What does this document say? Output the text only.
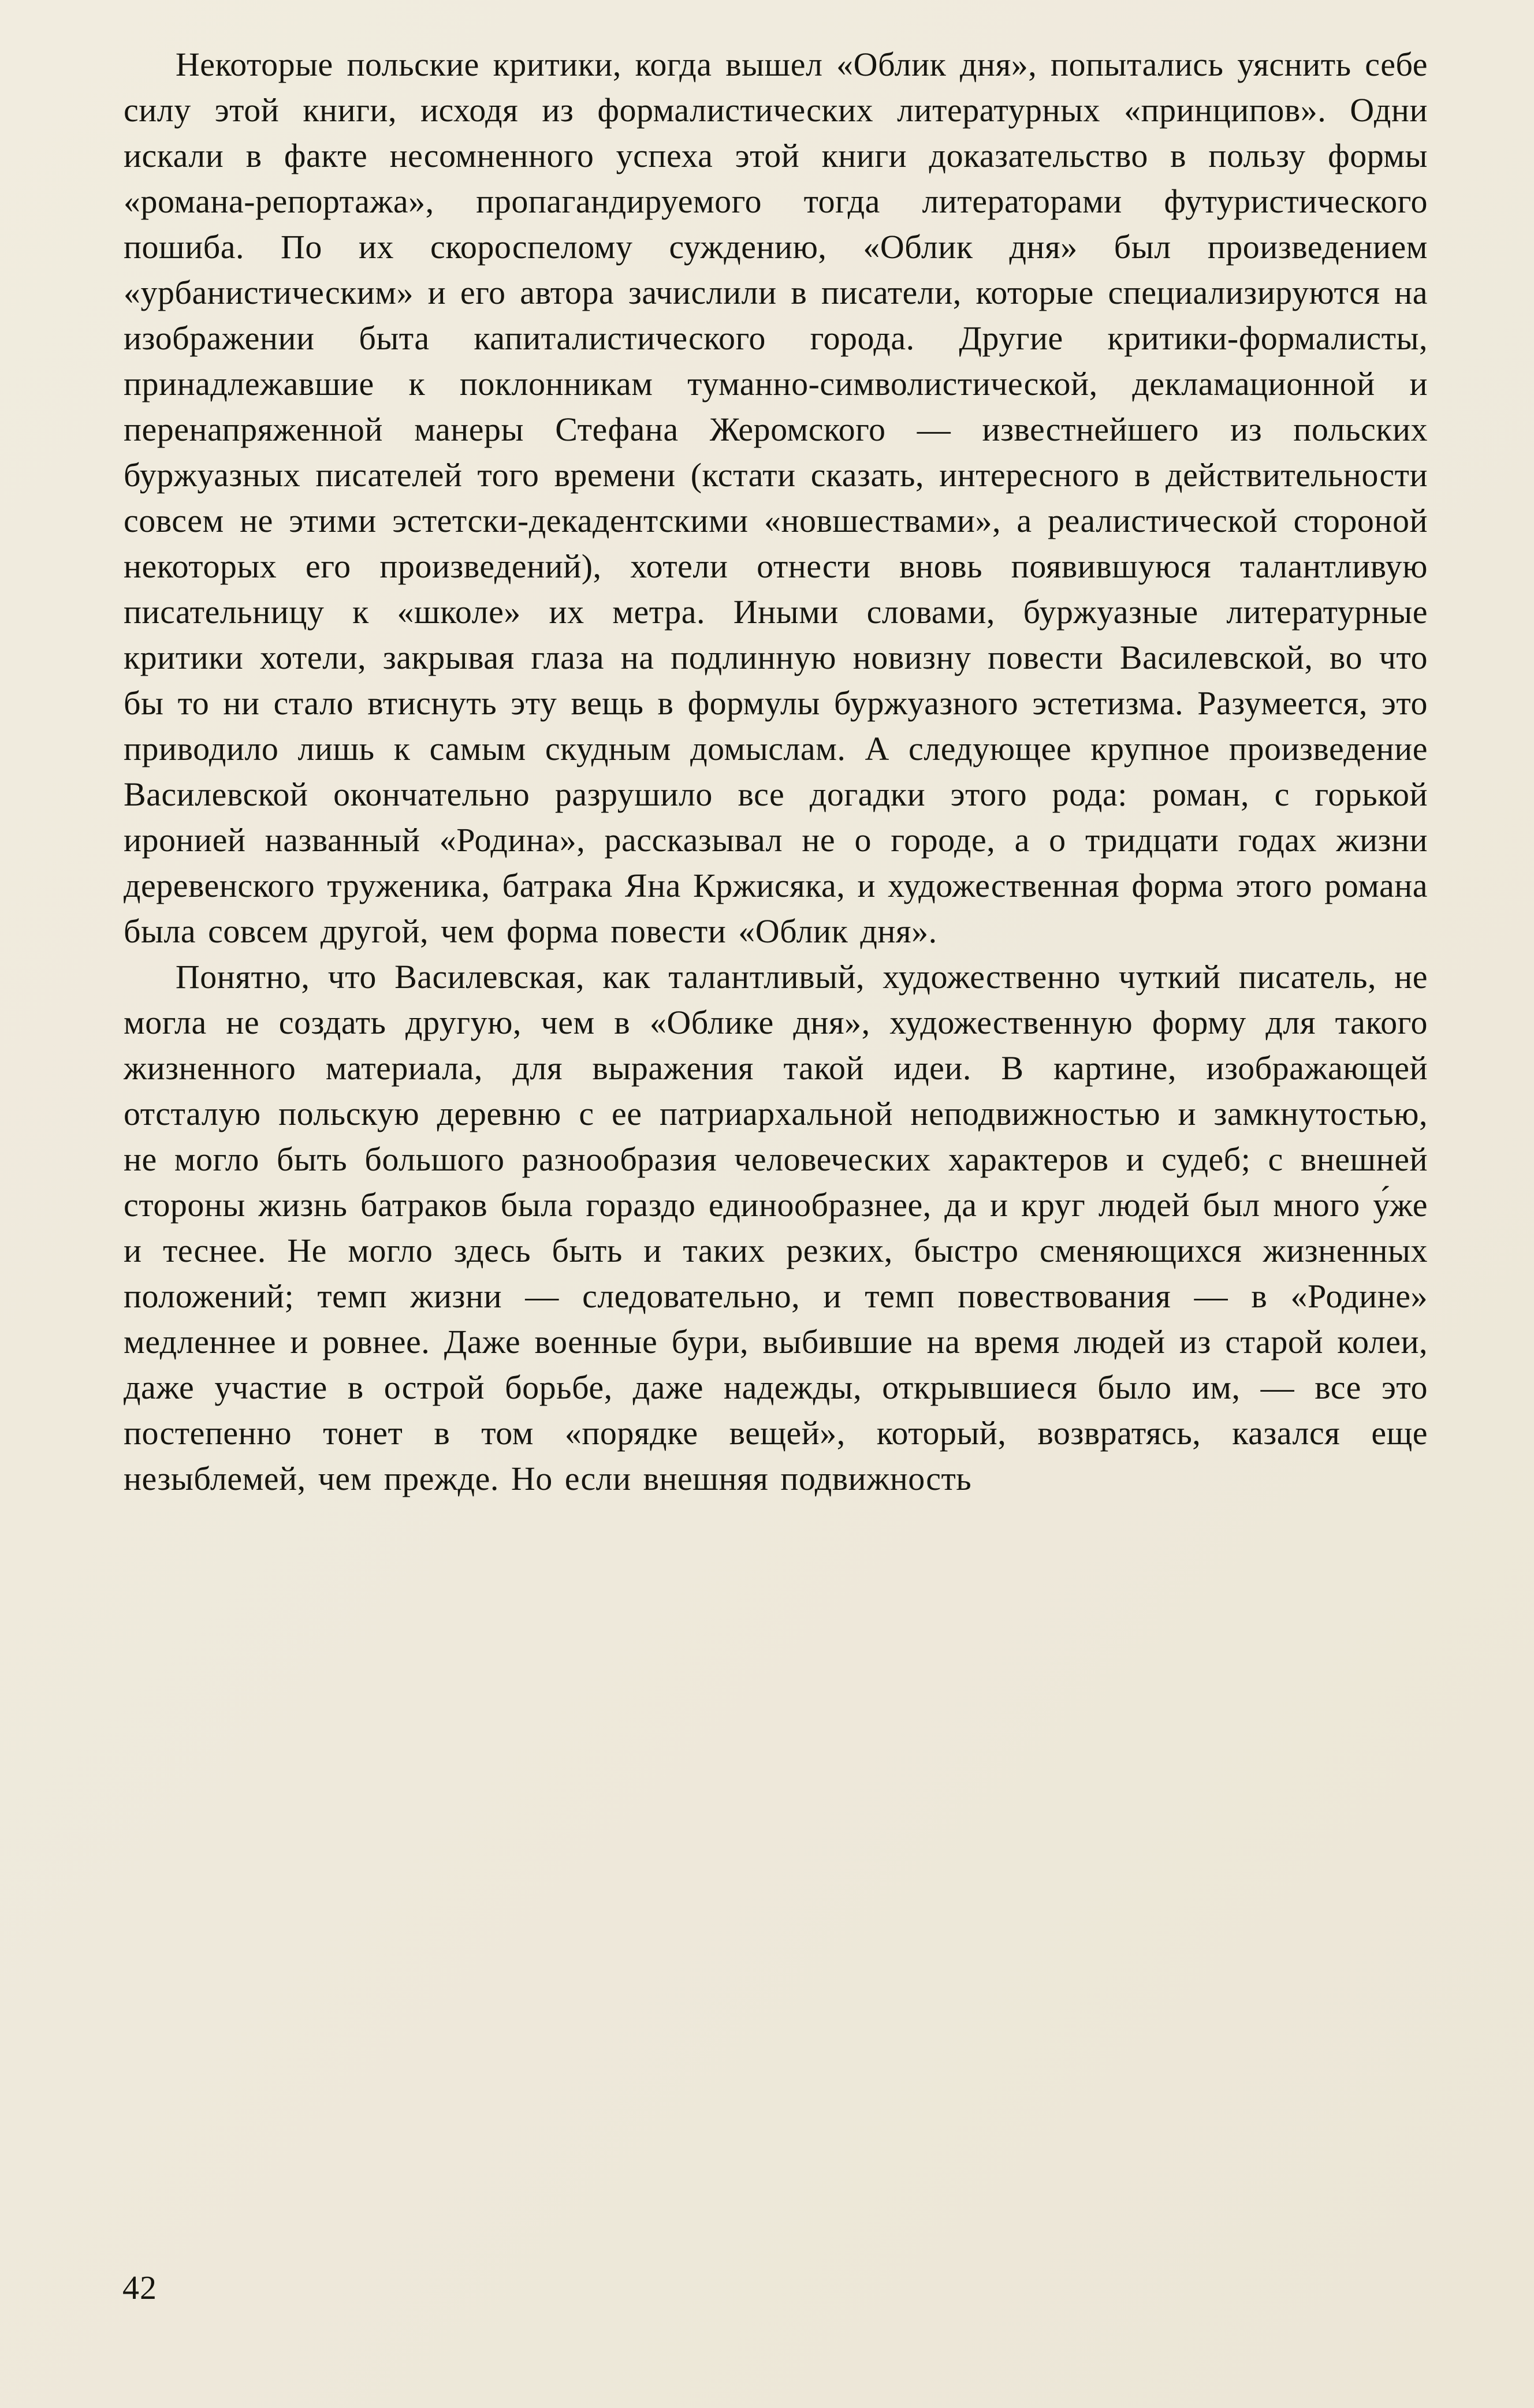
Некоторые польские критики, когда вышел «Облик дня», попытались уяснить себе силу этой книги, исходя из формалистических литературных «принципов». Одни искали в факте несомненного успеха этой книги доказательство в пользу формы «романа-репортажа», пропагандируемого тогда литераторами футуристического пошиба. По их скороспелому суждению, «Облик дня» был произведением «урбанистическим» и его автора зачислили в писатели, которые специализируются на изображении быта капиталистического города. Другие критики-формалисты, принадлежавшие к поклонникам туманно-символистической, декламационной и перенапряженной манеры Стефана Жеромского — известнейшего из польских буржуазных писателей того времени (кстати сказать, интересного в действительности совсем не этими эстетски-декадентскими «новшествами», а реалистической стороной некоторых его произведений), хотели отнести вновь появившуюся талантливую писательницу к «школе» их метра. Иными словами, буржуазные литературные критики хотели, закрывая глаза на подлинную новизну повести Василевской, во что бы то ни стало втиснуть эту вещь в формулы буржуазного эстетизма. Разумеется, это приводило лишь к самым скудным домыслам. А следующее крупное произведение Василевской окончательно разрушило все догадки этого рода: роман, с горькой иронией названный «Родина», рассказывал не о городе, а о тридцати годах жизни деревенского труженика, батрака Яна Кржисяка, и художественная форма этого романа была совсем другой, чем форма повести «Облик дня».

Понятно, что Василевская, как талантливый, художественно чуткий писатель, не могла не создать другую, чем в «Облике дня», художественную форму для такого жизненного материала, для выражения такой идеи. В картине, изображающей отсталую польскую деревню с ее патриархальной неподвижностью и замкнутостью, не могло быть большого разнообразия человеческих характеров и судеб; с внешней стороны жизнь батраков была гораздо единообразнее, да и круг людей был много у́же и теснее. Не могло здесь быть и таких резких, быстро сменяющихся жизненных положений; темп жизни — следовательно, и темп повествования — в «Родине» медленнее и ровнее. Даже военные бури, выбившие на время людей из старой колеи, даже участие в острой борьбе, даже надежды, открывшиеся было им, — все это постепенно тонет в том «порядке вещей», который, возвратясь, казался еще незыблемей, чем прежде. Но если внешняя подвижность

42
